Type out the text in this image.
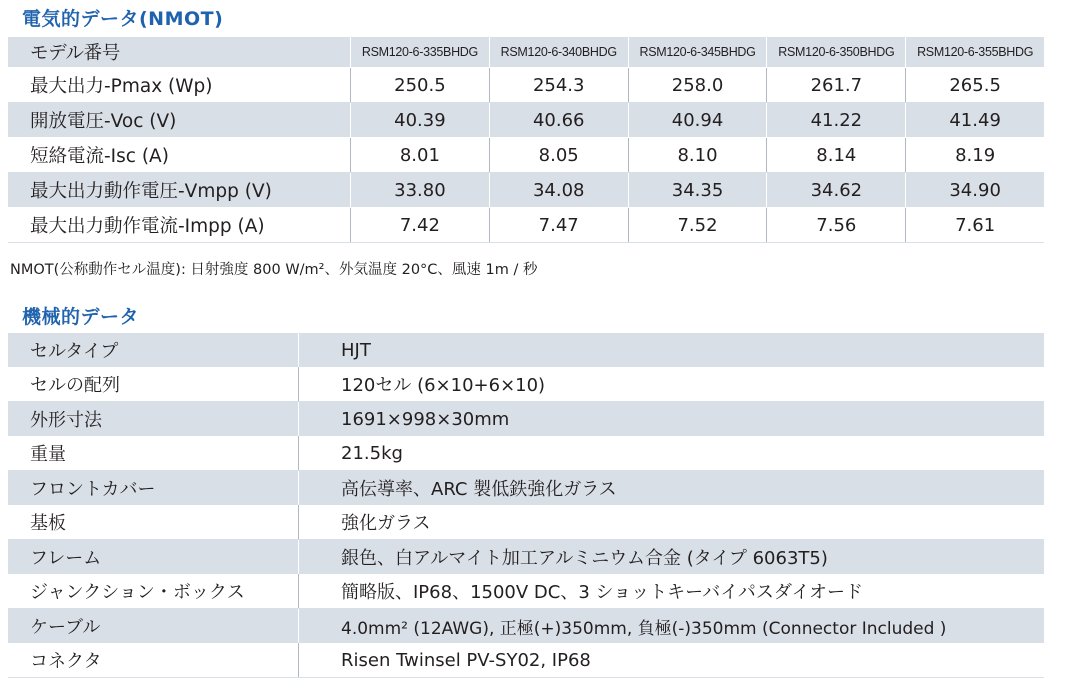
電気的データ(NMOT)
モデル番号	RSM120-6-335BHDG	RSM120-6-340BHDG	RSM120-6-345BHDG	RSM120-6-350BHDG	RSM120-6-355BHDG
最大出力-Pmax (Wp)	250.5	254.3	258.0	261.7	265.5
開放電圧-Voc (V)	40.39	40.66	40.94	41.22	41.49
短絡電流-Isc (A)	8.01	8.05	8.10	8.14	8.19
最大出力動作電圧-Vmpp (V)	33.80	34.08	34.35	34.62	34.90
最大出力動作電流-Impp (A)	7.42	7.47	7.52	7.56	7.61
NMOT(公称動作セル温度): 日射強度 800 W/m²、外気温度 20°C、風速 1m / 秒
機械的データ
セルタイプ	HJT
セルの配列	120セル (6×10+6×10)
外形寸法	1691×998×30mm
重量	21.5kg
フロントカバー	高伝導率、ARC 製低鉄強化ガラス
基板	強化ガラス
フレーム	銀色、白アルマイト加工アルミニウム合金 (タイプ 6063T5)
ジャンクション・ボックス	簡略版、IP68、1500V DC、3 ショットキーバイパスダイオード
ケーブル	4.0mm² (12AWG), 正極(+)350mm, 負極(-)350mm (Connector Included )
コネクタ	Risen Twinsel PV-SY02, IP68
